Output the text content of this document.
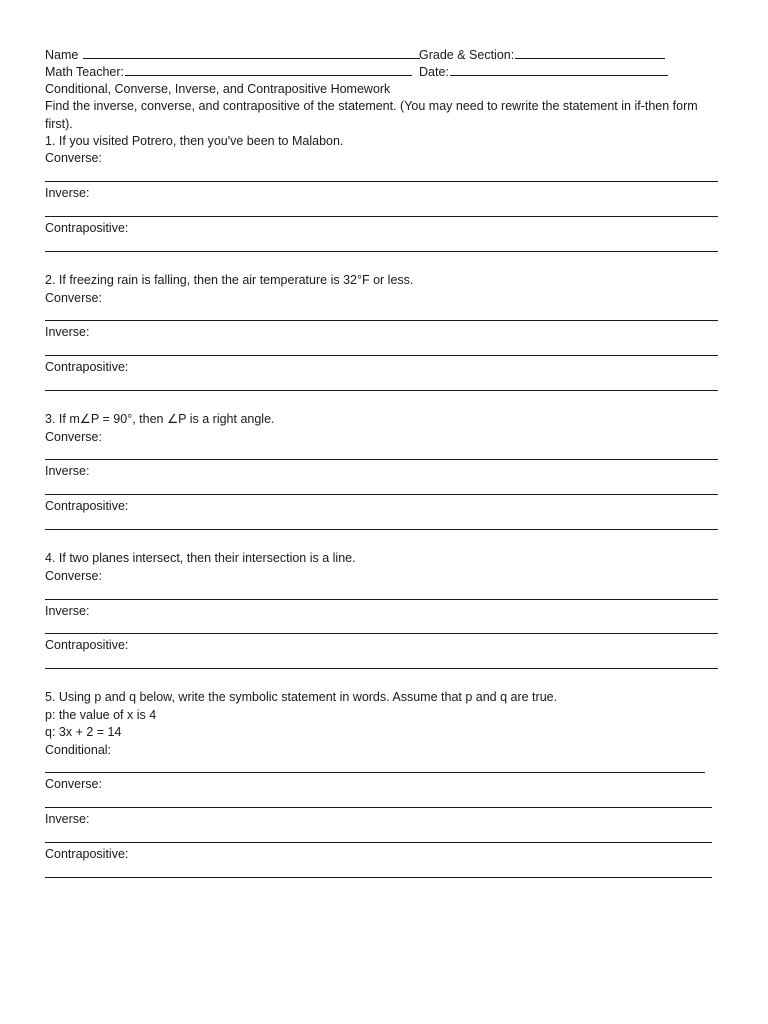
Name	Grade & Section:
Math Teacher:	Date:
Conditional, Converse, Inverse, and Contrapositive Homework
Find the inverse, converse, and contrapositive of the statement. (You may need to rewrite the statement in if-then form first).
1. If you visited Potrero, then you've been to Malabon.
Converse:
Inverse:
Contrapositive:
2. If freezing rain is falling, then the air temperature is 32°F or less.
Converse:
Inverse:
Contrapositive:
3. If m∠P = 90°, then ∠P is a right angle.
Converse:
Inverse:
Contrapositive:
4. If two planes intersect, then their intersection is a line.
Converse:
Inverse:
Contrapositive:
5. Using p and q below, write the symbolic statement in words. Assume that p and q are true.
p: the value of x is 4
q: 3x + 2 = 14
Conditional:
Converse:
Inverse:
Contrapositive:
